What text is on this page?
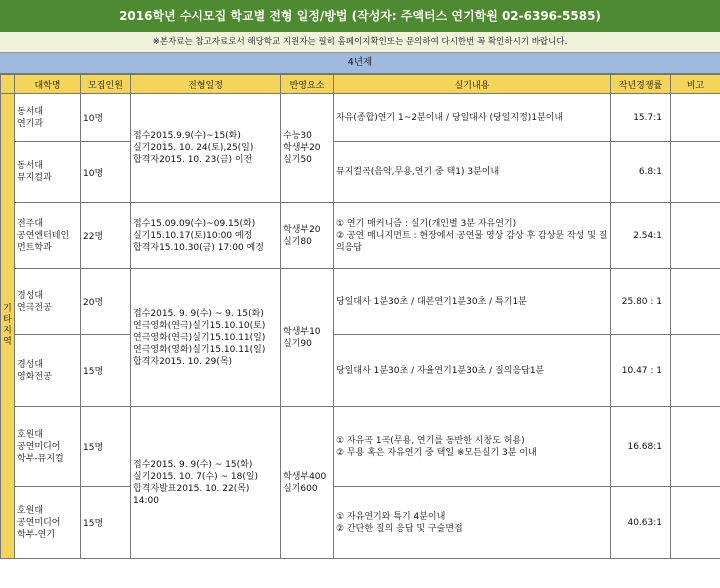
2016학년 수시모집 학교별 전형 일정/방법 (작성자: 주액터스 연기학원 02-6396-5585)
※본자료는 참고자료로서 해당학교 지원자는 필히 홈페이지확인또는 문의하여 다시한번 꼭 확인하시기 바랍니다.
4년제
	대학명	모집인원	전형일정	반영요소	실기내용	작년경쟁률	비고
기
타
지
역	동서대
연기과	10명	접수2015.9.9(수)~15(화)
실기2015. 10. 24(토),25(일)
합격자2015. 10. 23(금) 이전	수능30
학생부20
실기50	자유(종합)연기 1~2분이내 / 당일대사 (당일지정)1분이내	15.7:1	
	동서대
뮤지컬과	10명			뮤지컬곡(음악,무용,연기 중 택1) 3분이내	6.8:1	
	전주대
공연엔터테인
먼트학과	22명	접수15.09.09(수)~09.15(화)
실기15.10.17(토)10:00 예정
합격자15.10.30(금) 17:00 예정	학생부20
실기80	① 연기 매커니즘 : 실기(개인별 3분 자유연기)
② 공연 매니지먼트 : 현장에서 공연물 영상 감상 후 감상문 작성 및 질의응답	2.54:1	
	경성대
연극전공	20명	접수2015. 9. 9(수) ~ 9. 15(화)
연극영화(연극)실기15.10.10(토)
연극영화(연극)실기15.10.11(일)
연극영화(영화)실기15.10.11(일)
합격자2015. 10. 29(목)	학생부10
실기90	당일대사 1분30초 / 대본연기1분30초 / 특기1분	25.80 : 1	
	경성대
영화전공	15명			당일대사 1분30초 / 자율연기1분30초 / 질의응답1분	10.47 : 1	
	호원대
공연미디어
학부-뮤지컬	15명	접수2015. 9. 9(수) ~ 15(화)
실기2015. 10. 7(수) ~ 18(일)
합격자발표2015. 10. 22(목) 14:00	학생부400
실기600	① 자유곡 1곡(무용, 연기를 동반한 시창도 허용)
② 무용 혹은 자유연기 중 택일 ※모든실기 3분 이내	16.68:1	
	호원대
공연미디어
학부-연기	15명			① 자유연기와 특기 4분이내
② 간단한 질의 응답 및 구술면접	40.63:1	
